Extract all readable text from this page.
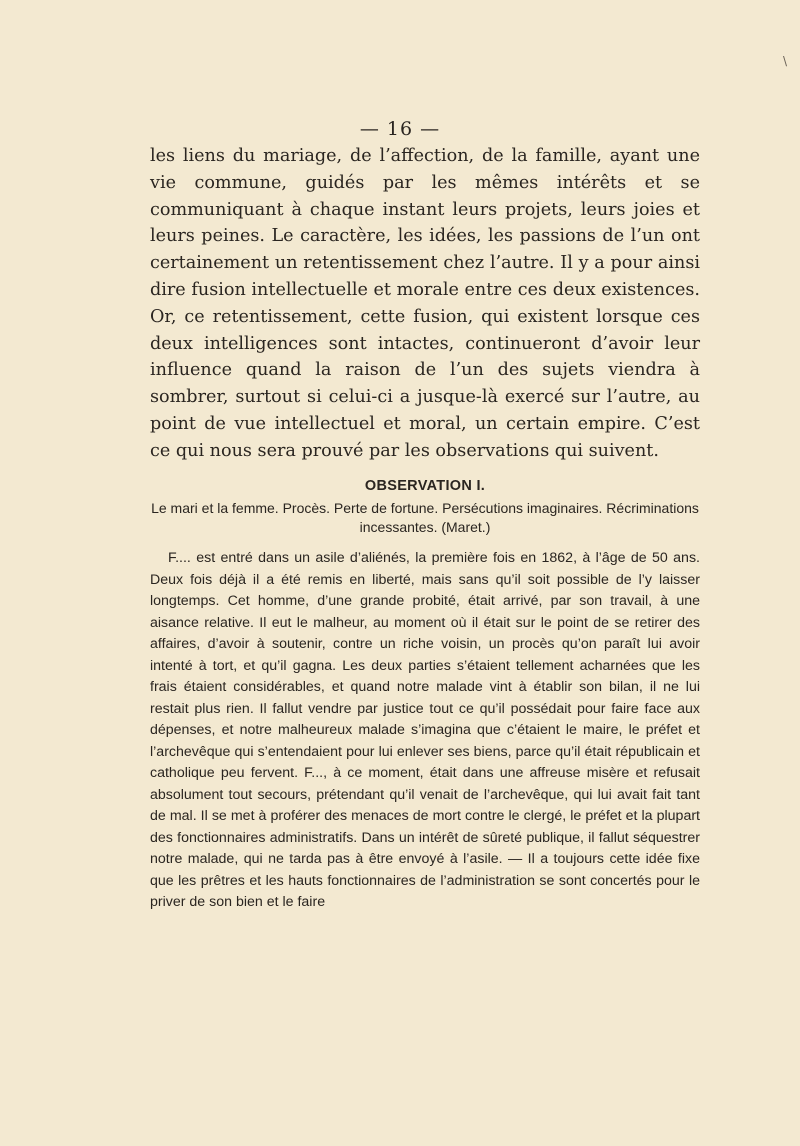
\
— 16 —

les liens du mariage, de l’affection, de la famille, ayant une vie commune, guidés par les mêmes intérêts et se communiquant à chaque instant leurs projets, leurs joies et leurs peines. Le caractère, les idées, les passions de l’un ont certainement un retentissement chez l’autre. Il y a pour ainsi dire fusion intellectuelle et morale entre ces deux existences. Or, ce retentissement, cette fusion, qui existent lorsque ces deux intelligences sont intactes, continueront d’avoir leur influence quand la raison de l’un des sujets viendra à sombrer, surtout si celui-ci a jusque-là exercé sur l’autre, au point de vue intellectuel et moral, un certain empire. C’est ce qui nous sera prouvé par les observations qui suivent.

OBSERVATION I.

Le mari et la femme. Procès. Perte de fortune. Persécutions imaginaires. Récriminations incessantes. (Maret.)

F.... est entré dans un asile d’aliénés, la première fois en 1862, à l’âge de 50 ans. Deux fois déjà il a été remis en liberté, mais sans qu’il soit possible de l’y laisser longtemps. Cet homme, d’une grande probité, était arrivé, par son travail, à une aisance relative. Il eut le malheur, au moment où il était sur le point de se retirer des affaires, d’avoir à soutenir, contre un riche voisin, un procès qu’on paraît lui avoir intenté à tort, et qu’il gagna. Les deux parties s’étaient tellement acharnées que les frais étaient considérables, et quand notre malade vint à établir son bilan, il ne lui restait plus rien. Il fallut vendre par justice tout ce qu’il possédait pour faire face aux dépenses, et notre malheureux malade s’imagina que c’étaient le maire, le préfet et l’archevêque qui s’entendaient pour lui enlever ses biens, parce qu’il était républicain et catholique peu fervent. F..., à ce moment, était dans une affreuse misère et refusait absolument tout secours, prétendant qu’il venait de l’archevêque, qui lui avait fait tant de mal. Il se met à proférer des menaces de mort contre le clergé, le préfet et la plupart des fonctionnaires administratifs. Dans un intérêt de sûreté publique, il fallut séquestrer notre malade, qui ne tarda pas à être envoyé à l’asile. — Il a toujours cette idée fixe que les prêtres et les hauts fonctionnaires de l’administration se sont concertés pour le priver de son bien et le faire
